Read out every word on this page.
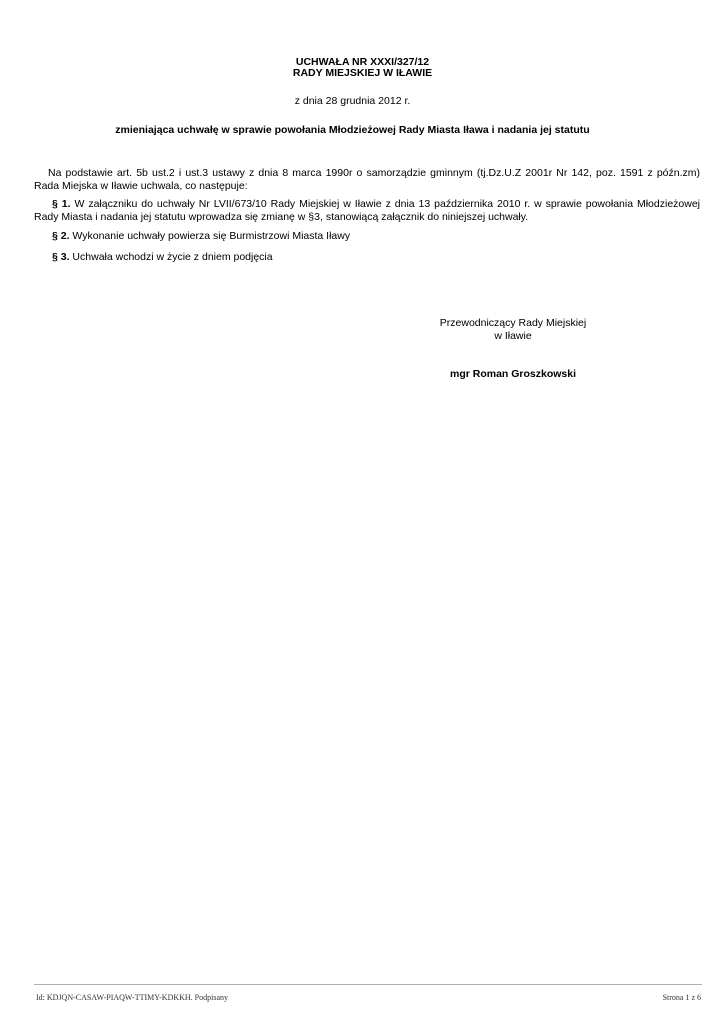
UCHWAŁA NR XXXI/327/12
RADY MIEJSKIEJ W IŁAWIE
z dnia 28 grudnia 2012 r.
zmieniająca uchwałę w sprawie powołania Młodzieżowej Rady Miasta Iława i nadania jej statutu
Na podstawie art. 5b ust.2 i ust.3 ustawy z dnia 8 marca 1990r o samorządzie gminnym (tj.Dz.U.Z 2001r Nr 142, poz. 1591 z późn.zm) Rada Miejska w Iławie uchwala, co następuje:
§ 1. W załączniku do uchwały Nr LVII/673/10 Rady Miejskiej w Iławie z dnia 13 października 2010 r. w sprawie powołania Młodzieżowej Rady Miasta i nadania jej statutu wprowadza się zmianę w §3, stanowiącą załącznik do niniejszej uchwały.
§ 2. Wykonanie uchwały powierza się Burmistrzowi Miasta Iławy
§ 3. Uchwała wchodzi w życie z dniem podjęcia
Przewodniczący Rady Miejskiej
w Iławie
mgr Roman Groszkowski
Id: KDJQN-CASAW-PIAQW-TTIMY-KDKKH. Podpisany	Strona 1 z 6
